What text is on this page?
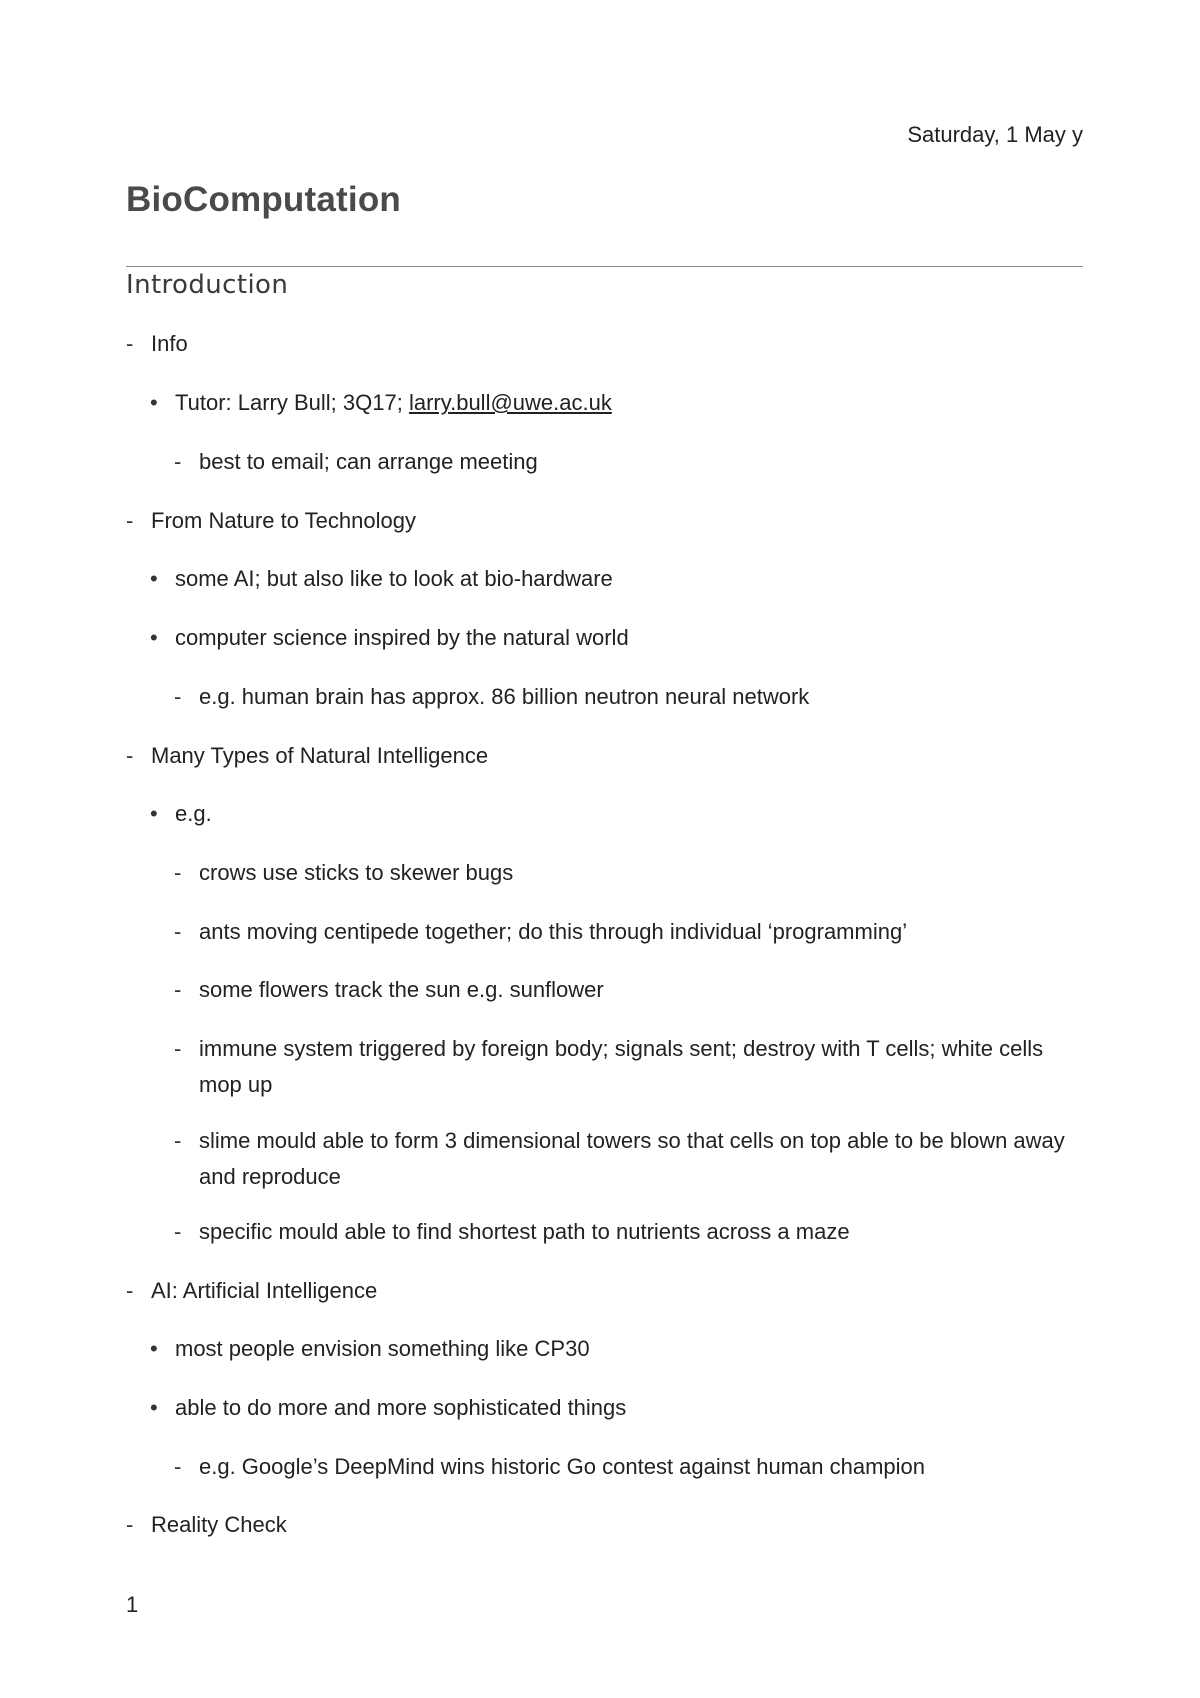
Saturday, 1 May y
BioComputation
Introduction
- Info
• Tutor: Larry Bull; 3Q17; larry.bull@uwe.ac.uk
- best to email; can arrange meeting
- From Nature to Technology
• some AI; but also like to look at bio-hardware
• computer science inspired by the natural world
- e.g. human brain has approx. 86 billion neutron neural network
- Many Types of Natural Intelligence
• e.g.
- crows use sticks to skewer bugs
- ants moving centipede together; do this through individual ‘programming’
- some flowers track the sun e.g. sunflower
- immune system triggered by foreign body; signals sent; destroy with T cells; white cells mop up
- slime mould able to form 3 dimensional towers so that cells on top able to be blown away and reproduce
- specific mould able to find shortest path to nutrients across a maze
- AI: Artificial Intelligence
• most people envision something like CP30
• able to do more and more sophisticated things
- e.g. Google’s DeepMind wins historic Go contest against human champion
- Reality Check
1
